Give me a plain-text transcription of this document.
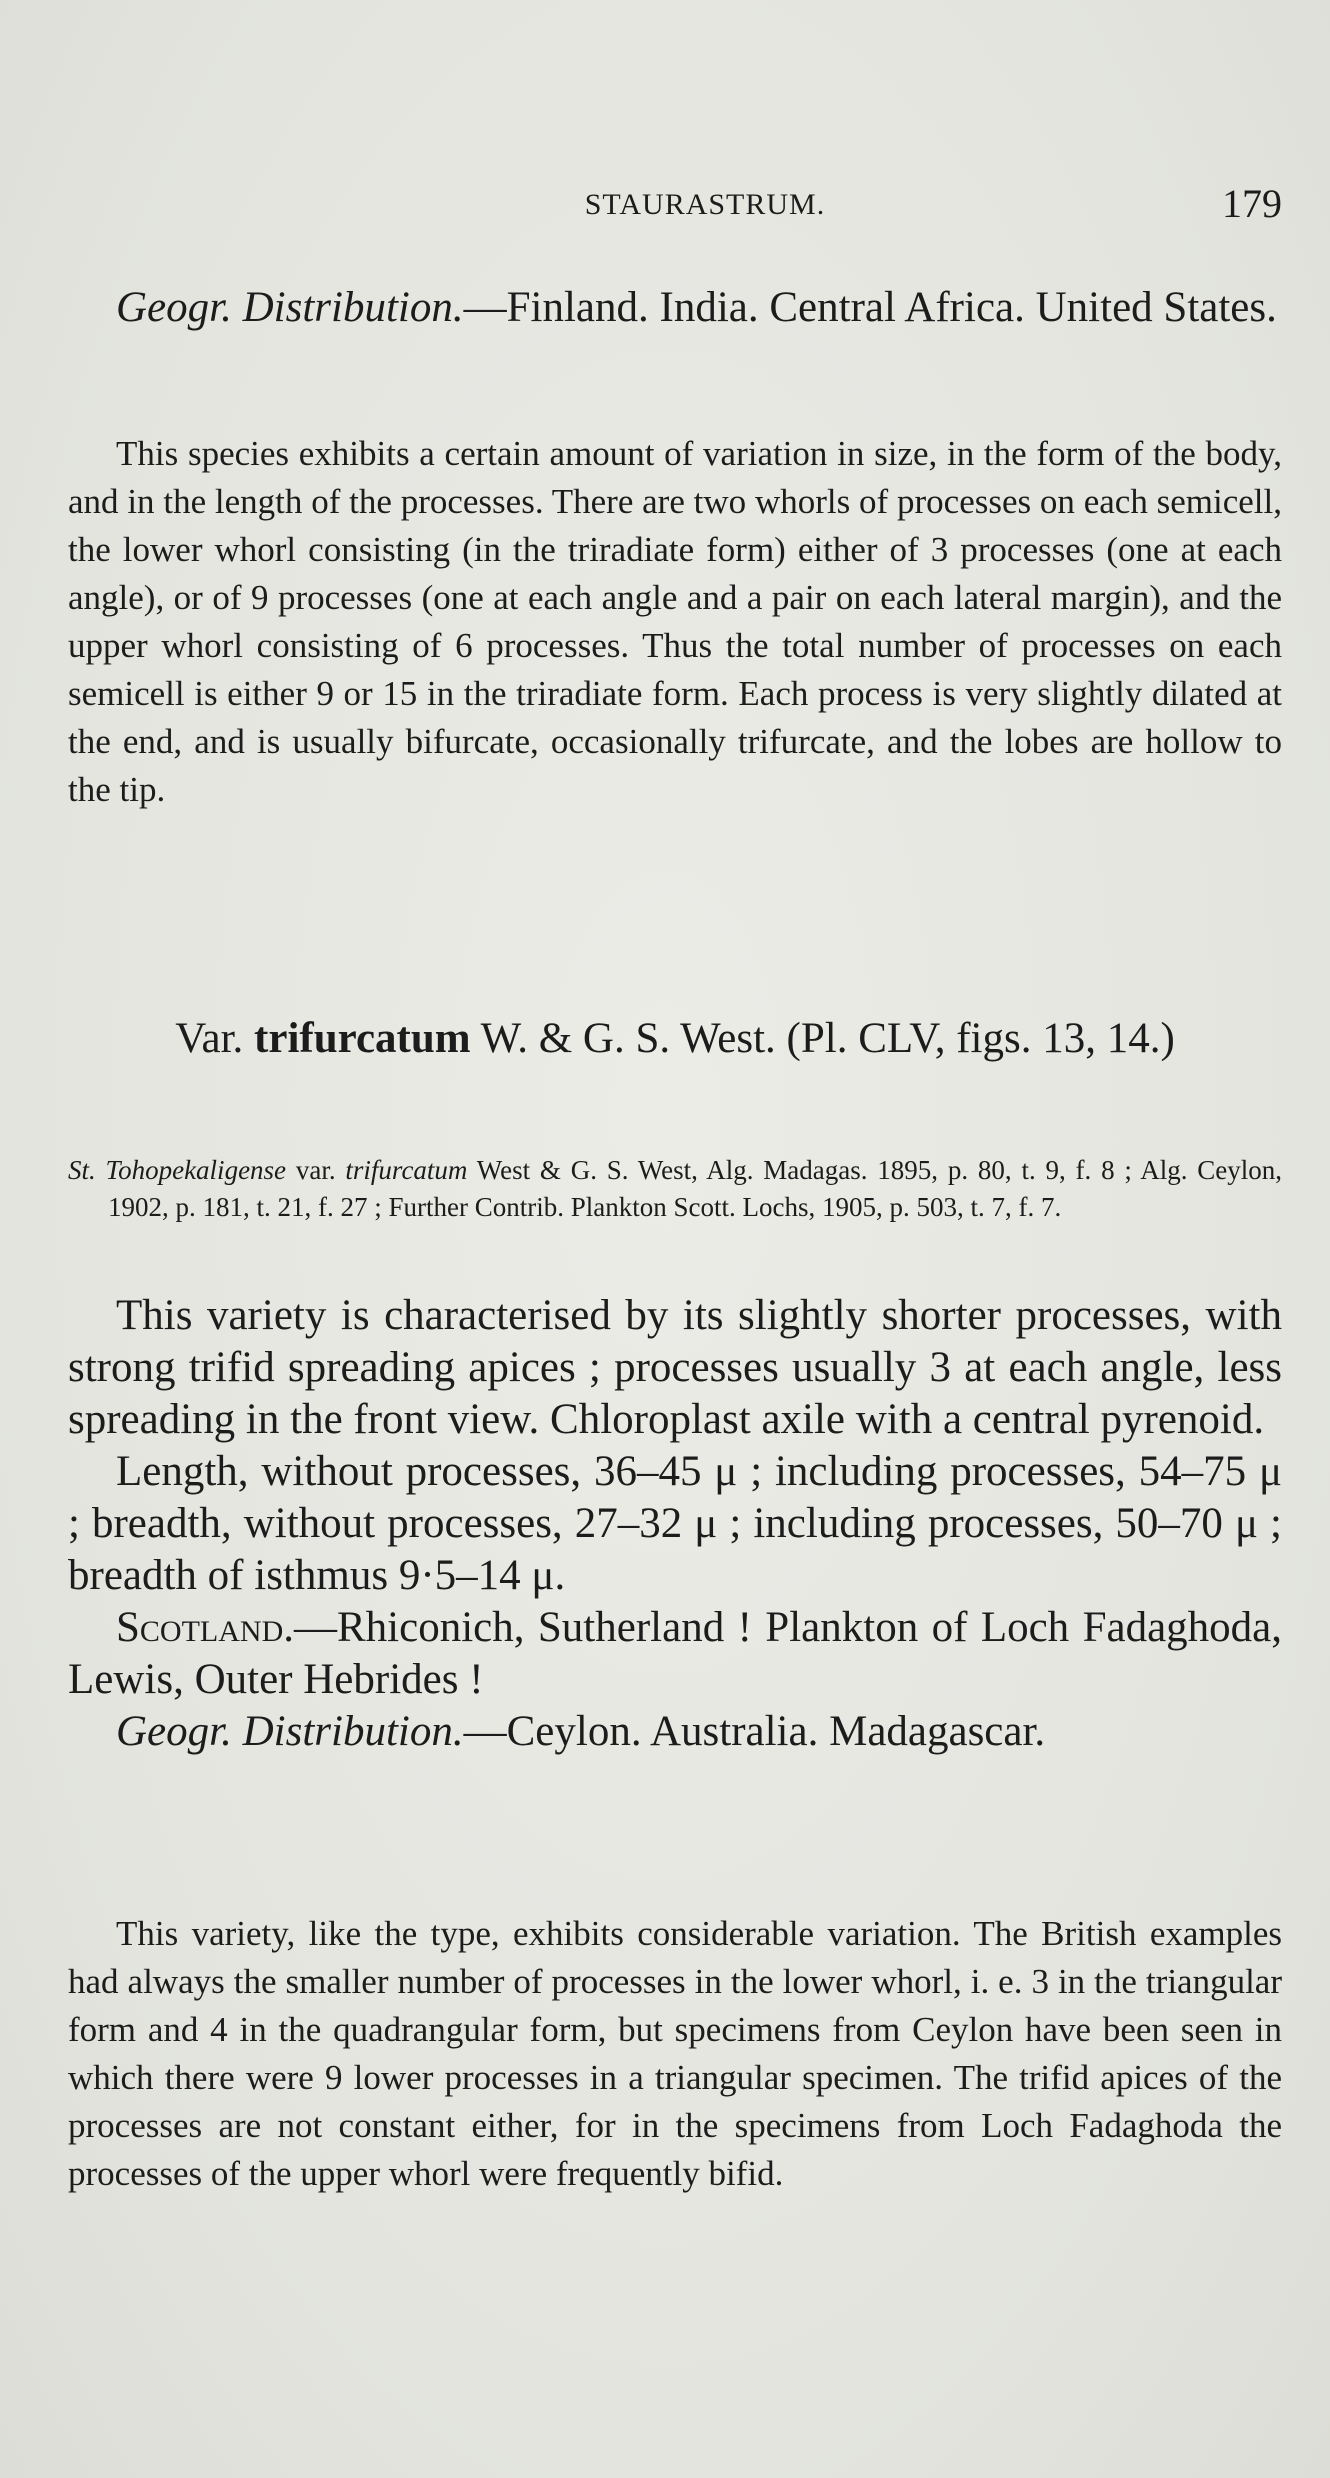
STAURASTRUM.	179

Geogr. Distribution.—Finland. India. Central Africa. United States.

This species exhibits a certain amount of variation in size, in the form of the body, and in the length of the processes. There are two whorls of processes on each semicell, the lower whorl consisting (in the triradiate form) either of 3 processes (one at each angle), or of 9 processes (one at each angle and a pair on each lateral margin), and the upper whorl consisting of 6 processes. Thus the total number of processes on each semicell is either 9 or 15 in the triradiate form. Each process is very slightly dilated at the end, and is usually bifurcate, occasionally trifurcate, and the lobes are hollow to the tip.

Var. trifurcatum W. & G. S. West. (Pl. CLV, figs. 13, 14.)

St. Tohopekaligense var. trifurcatum West & G. S. West, Alg. Madagas. 1895, p. 80, t. 9, f. 8 ; Alg. Ceylon, 1902, p. 181, t. 21, f. 27 ; Further Contrib. Plankton Scott. Lochs, 1905, p. 503, t. 7, f. 7.

This variety is characterised by its slightly shorter processes, with strong trifid spreading apices ; processes usually 3 at each angle, less spreading in the front view. Chloroplast axile with a central pyrenoid.

Length, without processes, 36–45 μ ; including processes, 54–75 μ ; breadth, without processes, 27–32 μ ; including processes, 50–70 μ ; breadth of isthmus 9·5–14 μ.

Scotland.—Rhiconich, Sutherland ! Plankton of Loch Fadaghoda, Lewis, Outer Hebrides !

Geogr. Distribution.—Ceylon. Australia. Madagascar.

This variety, like the type, exhibits considerable variation. The British examples had always the smaller number of processes in the lower whorl, i. e. 3 in the triangular form and 4 in the quadrangular form, but specimens from Ceylon have been seen in which there were 9 lower processes in a triangular specimen. The trifid apices of the processes are not constant either, for in the specimens from Loch Fadaghoda the processes of the upper whorl were frequently bifid.
